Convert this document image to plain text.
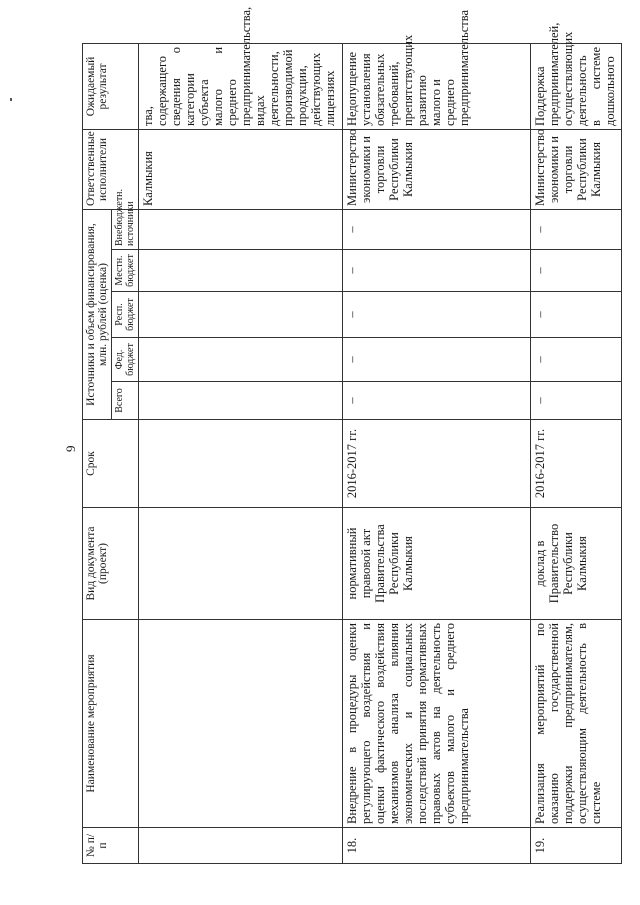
9
№ п/п	Наименование мероприятия	Вид документа (проект)	Срок	Источники и объем финансирования, млн. рублей (оценка)					Ответственные исполнители	Ожидаемый результат
				Всего	Фед. бюджет	Респ. бюджет	Местн. бюджет	Внебюджетн. источники		
									Калмыкия	тва, содержащего сведения о категории субъекта малого и среднего предпринимательства, видах деятельности, производимой продукции, действующих лицензиях
18.	Внедрение в процедуры оценки регулирующего воздействия и оценки фактического воздействия механизмов анализа влияния экономических и социальных последствий принятия нормативных правовых актов на деятельность субъектов малого и среднего предпринимательства	нормативный правовой акт Правительства Республики Калмыкия	2016-2017 гг.	–	–	–	–	–	Министерство экономики и торговли Республики Калмыкия	Недопущение установления обязательных требований, препятствующих развитию малого и среднего предпринимательства
19.	Реализация мероприятий по оказанию государственной поддержки предпринимателям, осуществляющим деятельность в системе	доклад в Правительство Республики Калмыкия	2016-2017 гг.	–	–	–	–	–	Министерство экономики и торговли Республики Калмыкия	Поддержка предпринимателей, осуществляющих деятельность в системе дошкольного
